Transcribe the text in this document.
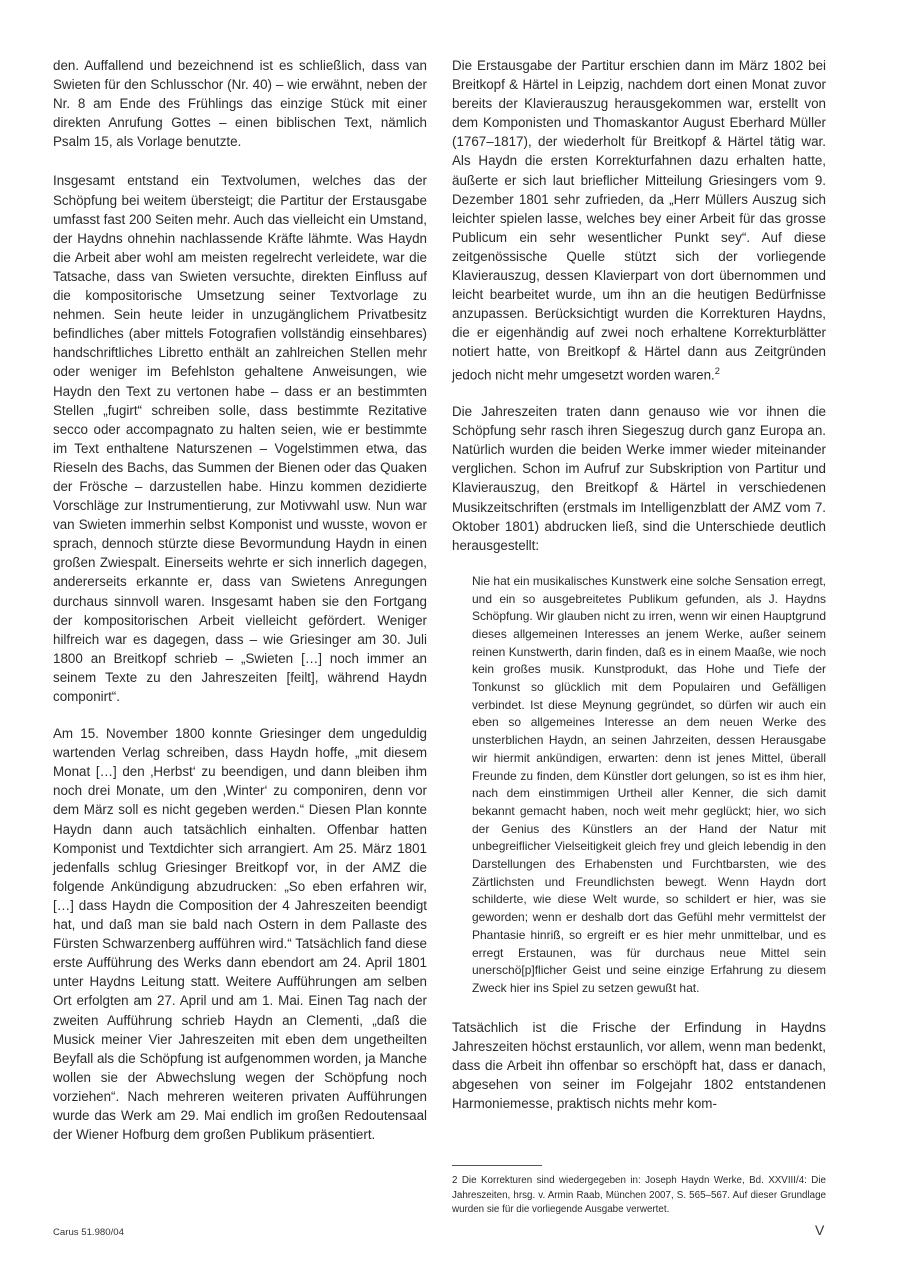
den. Auffallend und bezeichnend ist es schließlich, dass van Swieten für den Schlusschor (Nr. 40) – wie erwähnt, neben der Nr. 8 am Ende des Frühlings das einzige Stück mit einer direkten Anrufung Gottes – einen biblischen Text, nämlich Psalm 15, als Vorlage benutzte.

Insgesamt entstand ein Textvolumen, welches das der Schöpfung bei weitem übersteigt; die Partitur der Erstausgabe umfasst fast 200 Seiten mehr. Auch das vielleicht ein Umstand, der Haydns ohnehin nachlassende Kräfte lähmte. Was Haydn die Arbeit aber wohl am meisten regelrecht verleidete, war die Tatsache, dass van Swieten versuchte, direkten Einfluss auf die kompositorische Umsetzung seiner Textvorlage zu nehmen. Sein heute leider in unzugänglichem Privatbesitz befindliches (aber mittels Fotografien vollständig einsehbares) handschriftliches Libretto enthält an zahlreichen Stellen mehr oder weniger im Befehlston gehaltene Anweisungen, wie Haydn den Text zu vertonen habe – dass er an bestimmten Stellen „fugirt“ schreiben solle, dass bestimmte Rezitative secco oder accompagnato zu halten seien, wie er bestimmte im Text enthaltene Naturszenen – Vogelstimmen etwa, das Rieseln des Bachs, das Summen der Bienen oder das Quaken der Frösche – darzustellen habe. Hinzu kommen dezidierte Vorschläge zur Instrumentierung, zur Motivwahl usw. Nun war van Swieten immerhin selbst Komponist und wusste, wovon er sprach, dennoch stürzte diese Bevormundung Haydn in einen großen Zwiespalt. Einerseits wehrte er sich innerlich dagegen, andererseits erkannte er, dass van Swietens Anregungen durchaus sinnvoll waren. Insgesamt haben sie den Fortgang der kompositorischen Arbeit vielleicht gefördert. Weniger hilfreich war es dagegen, dass – wie Griesinger am 30. Juli 1800 an Breitkopf schrieb – „Swieten […] noch immer an seinem Texte zu den Jahreszeiten [feilt], während Haydn componirt“.

Am 15. November 1800 konnte Griesinger dem ungeduldig wartenden Verlag schreiben, dass Haydn hoffe, „mit diesem Monat […] den ‚Herbst‘ zu beendigen, und dann bleiben ihm noch drei Monate, um den ‚Winter‘ zu componiren, denn vor dem März soll es nicht gegeben werden.“ Diesen Plan konnte Haydn dann auch tatsächlich einhalten. Offenbar hatten Komponist und Textdichter sich arrangiert. Am 25. März 1801 jedenfalls schlug Griesinger Breitkopf vor, in der AMZ die folgende Ankündigung abzudrucken: „So eben erfahren wir, […] dass Haydn die Composition der 4 Jahreszeiten beendigt hat, und daß man sie bald nach Ostern in dem Pallaste des Fürsten Schwarzenberg aufführen wird.“ Tatsächlich fand diese erste Aufführung des Werks dann ebendort am 24. April 1801 unter Haydns Leitung statt. Weitere Aufführungen am selben Ort erfolgten am 27. April und am 1. Mai. Einen Tag nach der zweiten Aufführung schrieb Haydn an Clementi, „daß die Musick meiner Vier Jahreszeiten mit eben dem ungetheilten Beyfall als die Schöpfung ist aufgenommen worden, ja Manche wollen sie der Abwechslung wegen der Schöpfung noch vorziehen“. Nach mehreren weiteren privaten Aufführungen wurde das Werk am 29. Mai endlich im großen Redoutensaal der Wiener Hofburg dem großen Publikum präsentiert.

Die Erstausgabe der Partitur erschien dann im März 1802 bei Breitkopf & Härtel in Leipzig, nachdem dort einen Monat zuvor bereits der Klavierauszug herausgekommen war, erstellt von dem Komponisten und Thomaskantor August Eberhard Müller (1767–1817), der wiederholt für Breitkopf & Härtel tätig war. Als Haydn die ersten Korrekturfahnen dazu erhalten hatte, äußerte er sich laut brieflicher Mitteilung Griesingers vom 9. Dezember 1801 sehr zufrieden, da „Herr Müllers Auszug sich leichter spielen lasse, welches bey einer Arbeit für das grosse Publicum ein sehr wesentlicher Punkt sey“. Auf diese zeitgenössische Quelle stützt sich der vorliegende Klavierauszug, dessen Klavierpart von dort übernommen und leicht bearbeitet wurde, um ihn an die heutigen Bedürfnisse anzupassen. Berücksichtigt wurden die Korrekturen Haydns, die er eigenhändig auf zwei noch erhaltene Korrekturblätter notiert hatte, von Breitkopf & Härtel dann aus Zeitgründen jedoch nicht mehr umgesetzt worden waren.$^2$

Die Jahreszeiten traten dann genauso wie vor ihnen die Schöpfung sehr rasch ihren Siegeszug durch ganz Europa an. Natürlich wurden die beiden Werke immer wieder miteinander verglichen. Schon im Aufruf zur Subskription von Partitur und Klavierauszug, den Breitkopf & Härtel in verschiedenen Musikzeitschriften (erstmals im Intelligenzblatt der AMZ vom 7. Oktober 1801) abdrucken ließ, sind die Unterschiede deutlich herausgestellt:

Nie hat ein musikalisches Kunstwerk eine solche Sensation erregt, und ein so ausgebreitetes Publikum gefunden, als J. Haydns Schöpfung. Wir glauben nicht zu irren, wenn wir einen Hauptgrund dieses allgemeinen Interesses an jenem Werke, außer seinem reinen Kunstwerth, darin finden, daß es in einem Maaße, wie noch kein großes musik. Kunstprodukt, das Hohe und Tiefe der Tonkunst so glücklich mit dem Populairen und Gefälligen verbindet. Ist diese Meynung gegründet, so dürfen wir auch ein eben so allgemeines Interesse an dem neuen Werke des unsterblichen Haydn, an seinen Jahrzeiten, dessen Herausgabe wir hiermit ankündigen, erwarten: denn ist jenes Mittel, überall Freunde zu finden, dem Künstler dort gelungen, so ist es ihm hier, nach dem einstimmigen Urtheil aller Kenner, die sich damit bekannt gemacht haben, noch weit mehr geglückt; hier, wo sich der Genius des Künstlers an der Hand der Natur mit unbegreiflicher Vielseitigkeit gleich frey und gleich lebendig in den Darstellungen des Erhabensten und Furchtbarsten, wie des Zärtlichsten und Freundlichsten bewegt. Wenn Haydn dort schilderte, wie diese Welt wurde, so schildert er hier, was sie geworden; wenn er deshalb dort das Gefühl mehr vermittelst der Phantasie hinriß, so ergreift er es hier mehr unmittelbar, und es erregt Erstaunen, was für durchaus neue Mittel sein unerschö[p]flicher Geist und seine einzige Erfahrung zu diesem Zweck hier ins Spiel zu setzen gewußt hat.

Tatsächlich ist die Frische der Erfindung in Haydns Jahreszeiten höchst erstaunlich, vor allem, wenn man bedenkt, dass die Arbeit ihn offenbar so erschöpft hat, dass er danach, abgesehen von seiner im Folgejahr 1802 entstandenen Harmoniemesse, praktisch nichts mehr kom-

2 Die Korrekturen sind wiedergegeben in: Joseph Haydn Werke, Bd. XXVIII/4: Die Jahreszeiten, hrsg. v. Armin Raab, München 2007, S. 565–567. Auf dieser Grundlage wurden sie für die vorliegende Ausgabe verwertet.
Carus 51.980/04	V
